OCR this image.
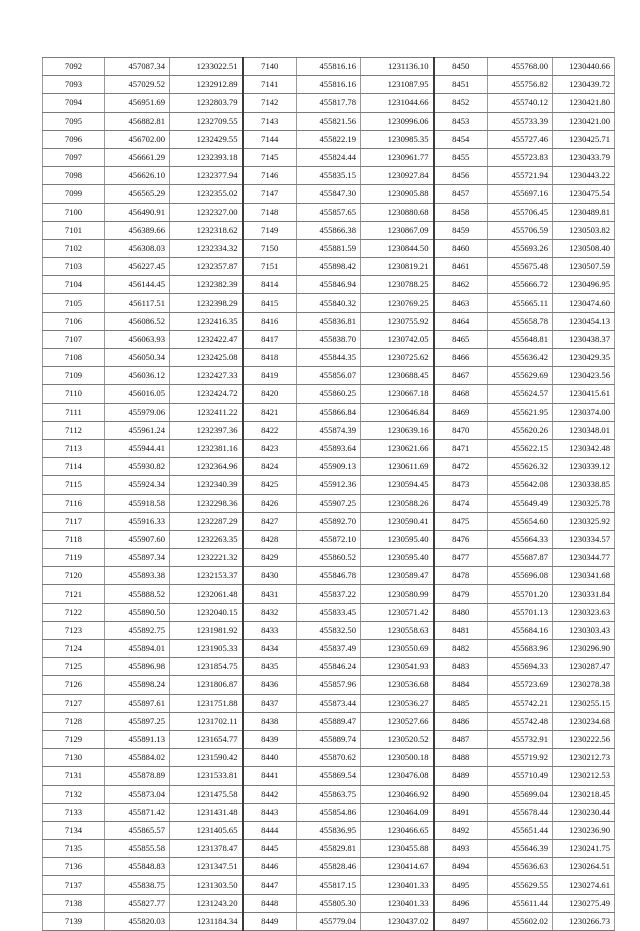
7092	457087.34	1233022.51	7140	455816.16	1231136.10	8450	455768.00	1230440.66
7093	457029.52	1232912.89	7141	455816.16	1231087.95	8451	455756.82	1230439.72
7094	456951.69	1232803.79	7142	455817.78	1231044.66	8452	455740.12	1230421.80
7095	456882.81	1232709.55	7143	455821.56	1230996.06	8453	455733.39	1230421.00
7096	456702.00	1232429.55	7144	455822.19	1230985.35	8454	455727.46	1230425.71
7097	456661.29	1232393.18	7145	455824.44	1230961.77	8455	455723.83	1230433.79
7098	456626.10	1232377.94	7146	455835.15	1230927.84	8456	455721.94	1230443.22
7099	456565.29	1232355.02	7147	455847.30	1230905.88	8457	455697.16	1230475.54
7100	456490.91	1232327.00	7148	455857.65	1230880.68	8458	455706.45	1230489.81
7101	456389.66	1232318.62	7149	455866.38	1230867.09	8459	455706.59	1230503.82
7102	456308.03	1232334.32	7150	455881.59	1230844.50	8460	455693.26	1230508.40
7103	456227.45	1232357.87	7151	455898.42	1230819.21	8461	455675.48	1230507.59
7104	456144.45	1232382.39	8414	455846.94	1230788.25	8462	455666.72	1230496.95
7105	456117.51	1232398.29	8415	455840.32	1230769.25	8463	455665.11	1230474.60
7106	456086.52	1232416.35	8416	455836.81	1230755.92	8464	455658.78	1230454.13
7107	456063.93	1232422.47	8417	455838.70	1230742.05	8465	455648.81	1230438.37
7108	456050.34	1232425.08	8418	455844.35	1230725.62	8466	455636.42	1230429.35
7109	456036.12	1232427.33	8419	455856.07	1230688.45	8467	455629.69	1230423.56
7110	456016.05	1232424.72	8420	455860.25	1230667.18	8468	455624.57	1230415.61
7111	455979.06	1232411.22	8421	455866.84	1230646.84	8469	455621.95	1230374.00
7112	455961.24	1232397.36	8422	455874.39	1230639.16	8470	455620.26	1230348.01
7113	455944.41	1232381.16	8423	455893.64	1230621.66	8471	455622.15	1230342.48
7114	455930.82	1232364.96	8424	455909.13	1230611.69	8472	455626.32	1230339.12
7115	455924.34	1232340.39	8425	455912.36	1230594.45	8473	455642.08	1230338.85
7116	455918.58	1232298.36	8426	455907.25	1230588.26	8474	455649.49	1230325.78
7117	455916.33	1232287.29	8427	455892.70	1230590.41	8475	455654.60	1230325.92
7118	455907.60	1232263.35	8428	455872.10	1230595.40	8476	455664.33	1230334.57
7119	455897.34	1232221.32	8429	455860.52	1230595.40	8477	455687.87	1230344.77
7120	455893.38	1232153.37	8430	455846.78	1230589.47	8478	455696.08	1230341.68
7121	455888.52	1232061.48	8431	455837.22	1230580.99	8479	455701.20	1230331.84
7122	455890.50	1232040.15	8432	455833.45	1230571.42	8480	455701.13	1230323.63
7123	455892.75	1231981.92	8433	455832.50	1230558.63	8481	455684.16	1230303.43
7124	455894.01	1231905.33	8434	455837.49	1230550.69	8482	455683.96	1230296.90
7125	455896.98	1231854.75	8435	455846.24	1230541.93	8483	455694.33	1230287.47
7126	455898.24	1231806.87	8436	455857.96	1230536.68	8484	455723.69	1230278.38
7127	455897.61	1231751.88	8437	455873.44	1230536.27	8485	455742.21	1230255.15
7128	455897.25	1231702.11	8438	455889.47	1230527.66	8486	455742.48	1230234.68
7129	455891.13	1231654.77	8439	455889.74	1230520.52	8487	455732.91	1230222.56
7130	455884.02	1231590.42	8440	455870.62	1230500.18	8488	455719.92	1230212.73
7131	455878.89	1231533.81	8441	455869.54	1230476.08	8489	455710.49	1230212.53
7132	455873.04	1231475.58	8442	455863.75	1230466.92	8490	455699.04	1230218.45
7133	455871.42	1231431.48	8443	455854.86	1230464.09	8491	455678.44	1230230.44
7134	455865.57	1231405.65	8444	455836.95	1230466.65	8492	455651.44	1230236.90
7135	455855.58	1231378.47	8445	455829.81	1230455.88	8493	455646.39	1230241.75
7136	455848.83	1231347.51	8446	455828.46	1230414.67	8494	455636.63	1230264.51
7137	455838.75	1231303.50	8447	455817.15	1230401.33	8495	455629.55	1230274.61
7138	455827.77	1231243.20	8448	455805.30	1230401.33	8496	455611.44	1230275.49
7139	455820.03	1231184.34	8449	455779.04	1230437.02	8497	455602.02	1230266.73
